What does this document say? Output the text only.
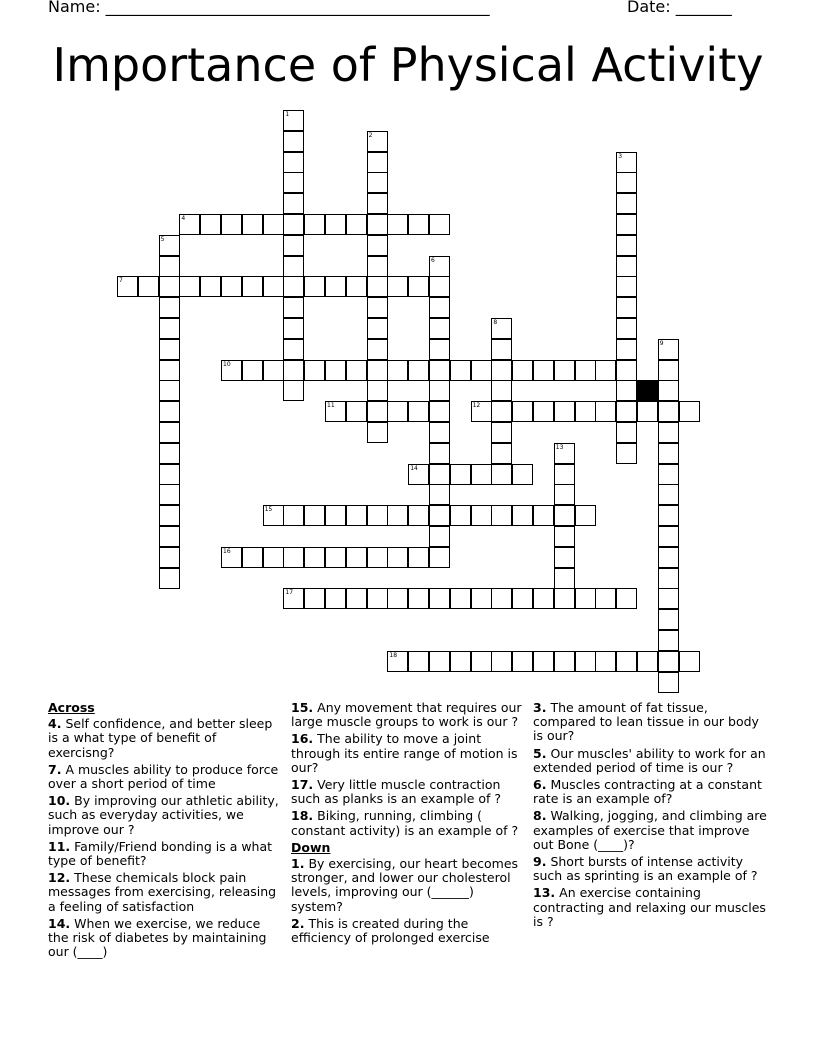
Name: ________________________________________________	Date: _______
Importance of Physical Activity
1
2
3
4
5
6
7
8
9
10
11	12
13
14
15
16
17
18
Across
4. Self confidence, and better sleep is a what type of benefit of exercisng?
7. A muscles ability to produce force over a short period of time
10. By improving our athletic ability, such as everyday activities, we improve our ?
11. Family/Friend bonding is a what type of benefit?
12. These chemicals block pain messages from exercising, releasing a feeling of satisfaction
14. When we exercise, we reduce the risk of diabetes by maintaining our (____)
15. Any movement that requires our large muscle groups to work is our ?
16. The ability to move a joint through its entire range of motion is our?
17. Very little muscle contraction such as planks is an example of ?
18. Biking, running, climbing ( constant activity) is an example of ?
Down
1. By exercising, our heart becomes stronger, and lower our cholesterol levels, improving our (______) system?
2. This is created during the efficiency of prolonged exercise
3. The amount of fat tissue, compared to lean tissue in our body is our?
5. Our muscles' ability to work for an extended period of time is our ?
6. Muscles contracting at a constant rate is an example of?
8. Walking, jogging, and climbing are examples of exercise that improve out Bone (____)?
9. Short bursts of intense activity such as sprinting is an example of ?
13. An exercise containing contracting and relaxing our muscles is ?
